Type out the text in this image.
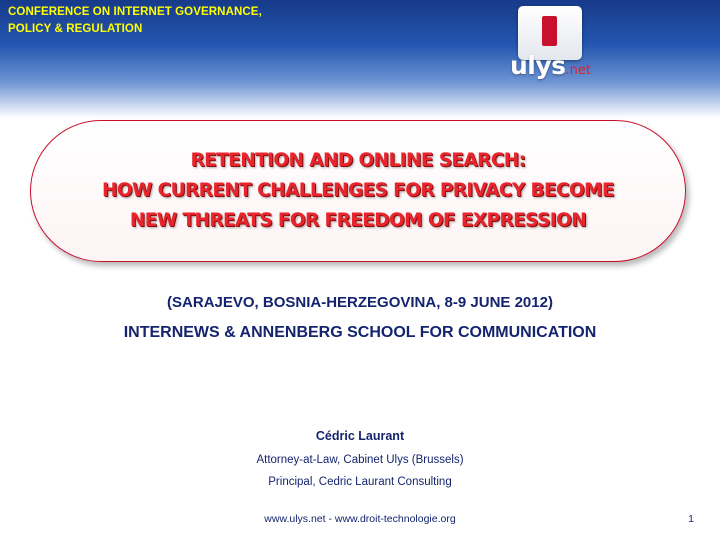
CONFERENCE ON INTERNET GOVERNANCE,
POLICY & REGULATION
ulys.net
RETENTION AND ONLINE SEARCH:
HOW CURRENT CHALLENGES FOR PRIVACY BECOME
NEW THREATS FOR FREEDOM OF EXPRESSION
(SARAJEVO, BOSNIA-HERZEGOVINA, 8-9 JUNE 2012)
INTERNEWS & ANNENBERG SCHOOL FOR COMMUNICATION
Cédric Laurant
Attorney-at-Law, Cabinet Ulys (Brussels)
Principal, Cedric Laurant Consulting
www.ulys.net - www.droit-technologie.org	1
